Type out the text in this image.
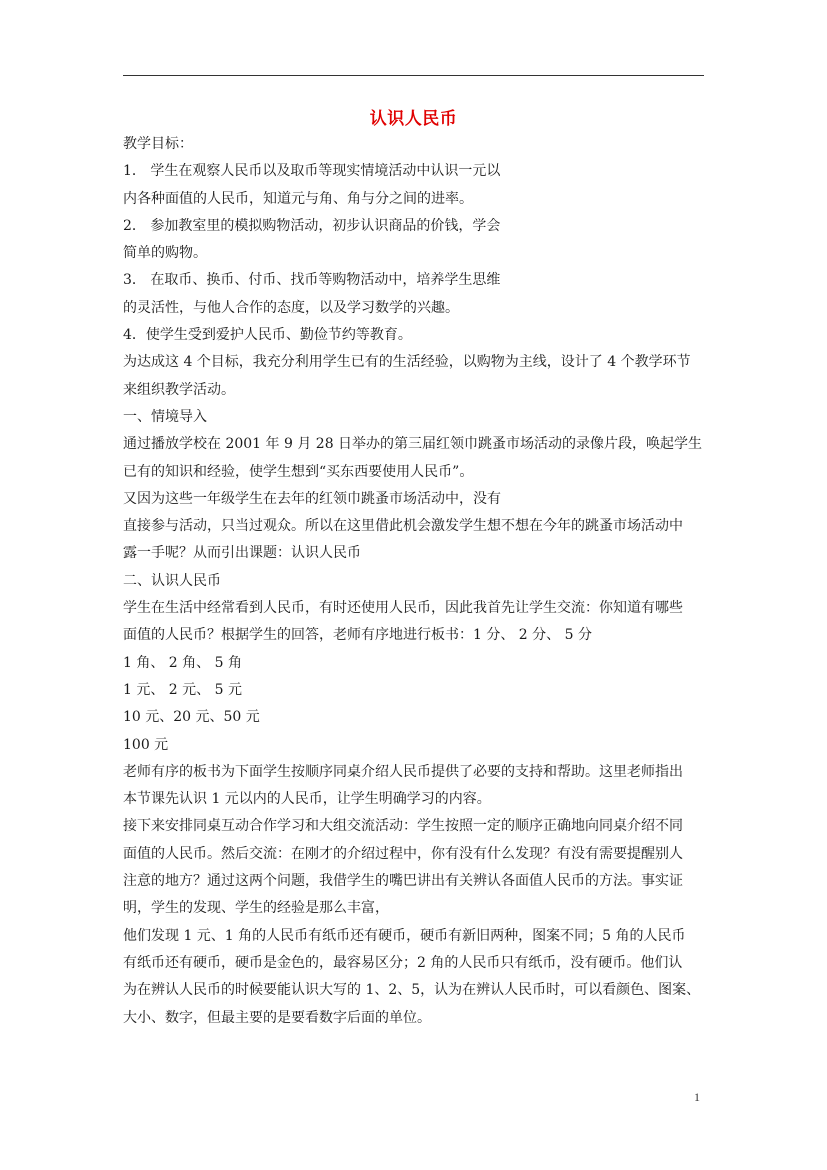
认识人民币
教学目标：
1． 学生在观察人民币以及取币等现实情境活动中认识一元以
内各种面值的人民币，知道元与角、角与分之间的进率。
2． 参加教室里的模拟购物活动，初步认识商品的价钱，学会
简单的购物。
3． 在取币、换币、付币、找币等购物活动中，培养学生思维
的灵活性，与他人合作的态度，以及学习数学的兴趣。
4．使学生受到爱护人民币、勤俭节约等教育。
为达成这 4 个目标，我充分利用学生已有的生活经验，以购物为主线，设计了 4 个教学环节
来组织教学活动。
一、情境导入
通过播放学校在 2001 年 9 月 28 日举办的第三届红领巾跳蚤市场活动的录像片段，唤起学生
已有的知识和经验，使学生想到“买东西要使用人民币”。
又因为这些一年级学生在去年的红领巾跳蚤市场活动中，没有
直接参与活动，只当过观众。所以在这里借此机会激发学生想不想在今年的跳蚤市场活动中
露一手呢？从而引出课题：认识人民币
二、认识人民币
学生在生活中经常看到人民币，有时还使用人民币，因此我首先让学生交流：你知道有哪些
面值的人民币？根据学生的回答，老师有序地进行板书：1 分、 2 分、 5 分
1 角、 2 角、 5 角
1 元、 2 元、 5 元
10 元、20 元、50 元
100 元
老师有序的板书为下面学生按顺序同桌介绍人民币提供了必要的支持和帮助。这里老师指出
本节课先认识 1 元以内的人民币，让学生明确学习的内容。
接下来安排同桌互动合作学习和大组交流活动：学生按照一定的顺序正确地向同桌介绍不同
面值的人民币。然后交流：在刚才的介绍过程中，你有没有什么发现？有没有需要提醒别人
注意的地方？通过这两个问题，我借学生的嘴巴讲出有关辨认各面值人民币的方法。事实证
明，学生的发现、学生的经验是那么丰富，
他们发现 1 元、1 角的人民币有纸币还有硬币，硬币有新旧两种，图案不同；5 角的人民币
有纸币还有硬币，硬币是金色的，最容易区分；2 角的人民币只有纸币，没有硬币。他们认
为在辨认人民币的时候要能认识大写的 1、2、5，认为在辨认人民币时，可以看颜色、图案、
大小、数字，但最主要的是要看数字后面的单位。
1
